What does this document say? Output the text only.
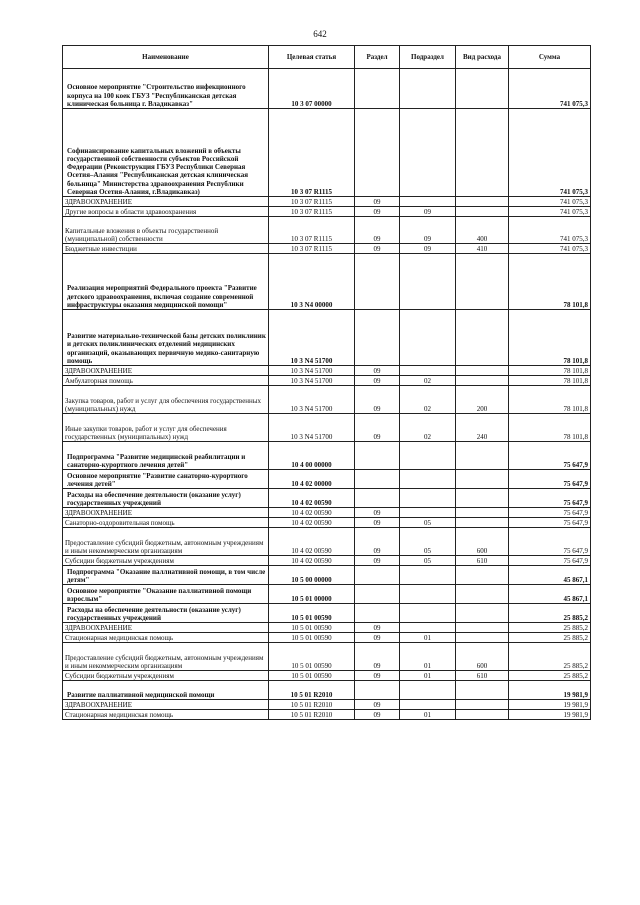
642
Наименование	Целевая статья	Раздел	Подраздел	Вид расхода	Сумма
Основное мероприятие "Строительство инфекционного корпуса на 100 коек ГБУЗ "Республиканская детская клиническая больница г. Владикавказ"	10 3 07 00000				741 075,3
Софинансирование капитальных вложений в объекты государственной собственности субъектов Российской Федерации (Реконструкция ГБУЗ Республики Северная Осетия–Алания "Республиканская детская клиническая больница" Министерства здравоохранения Республики Северная Осетия-Алания, г.Владикавказ)	10 3 07 R1115				741 075,3
ЗДРАВООХРАНЕНИЕ	10 3 07 R1115	09			741 075,3
Другие вопросы в области здравоохранения	10 3 07 R1115	09	09		741 075,3
Капитальные вложения в объекты государственной (муниципальной) собственности	10 3 07 R1115	09	09	400	741 075,3
Бюджетные инвестиции	10 3 07 R1115	09	09	410	741 075,3
Реализация мероприятий Федерального проекта "Развитие детского здравоохранения, включая создание современной инфраструктуры оказания медицинской помощи"	10 3 N4 00000				78 101,8
Развитие материально-технической базы детских поликлиник и детских поликлинических отделений медицинских организаций, оказывающих первичную медико-санитарную помощь	10 3 N4 51700				78 101,8
ЗДРАВООХРАНЕНИЕ	10 3 N4 51700	09			78 101,8
Амбулаторная помощь	10 3 N4 51700	09	02		78 101,8
Закупка товаров, работ и услуг для обеспечения государственных (муниципальных) нужд	10 3 N4 51700	09	02	200	78 101,8
Иные закупки товаров, работ и услуг для обеспечения государственных (муниципальных) нужд	10 3 N4 51700	09	02	240	78 101,8
Подпрограмма "Развитие медицинской реабилитации и санаторно-курортного лечения детей"	10 4 00 00000				75 647,9
Основное мероприятие "Развитие санаторно-курортного лечения детей"	10 4 02 00000				75 647,9
Расходы на обеспечение деятельности (оказание услуг) государственных учреждений	10 4 02 00590				75 647,9
ЗДРАВООХРАНЕНИЕ	10 4 02 00590	09			75 647,9
Санаторно-оздоровительная помощь	10 4 02 00590	09	05		75 647,9
Предоставление субсидий бюджетным, автономным учреждениям и иным некоммерческим организациям	10 4 02 00590	09	05	600	75 647,9
Субсидии бюджетным учреждениям	10 4 02 00590	09	05	610	75 647,9
Подпрограмма "Оказание паллиативной помощи, в том числе детям"	10 5 00 00000				45 867,1
Основное мероприятие "Оказание паллиативной помощи взрослым"	10 5 01 00000				45 867,1
Расходы на обеспечение деятельности (оказание услуг) государственных учреждений	10 5 01 00590				25 885,2
ЗДРАВООХРАНЕНИЕ	10 5 01 00590	09			25 885,2
Стационарная медицинская помощь	10 5 01 00590	09	01		25 885,2
Предоставление субсидий бюджетным, автономным учреждениям и иным некоммерческим организациям	10 5 01 00590	09	01	600	25 885,2
Субсидии бюджетным учреждениям	10 5 01 00590	09	01	610	25 885,2
Развитие паллиативной медицинской помощи	10 5 01 R2010				19 981,9
ЗДРАВООХРАНЕНИЕ	10 5 01 R2010	09			19 981,9
Стационарная медицинская помощь	10 5 01 R2010	09	01		19 981,9
